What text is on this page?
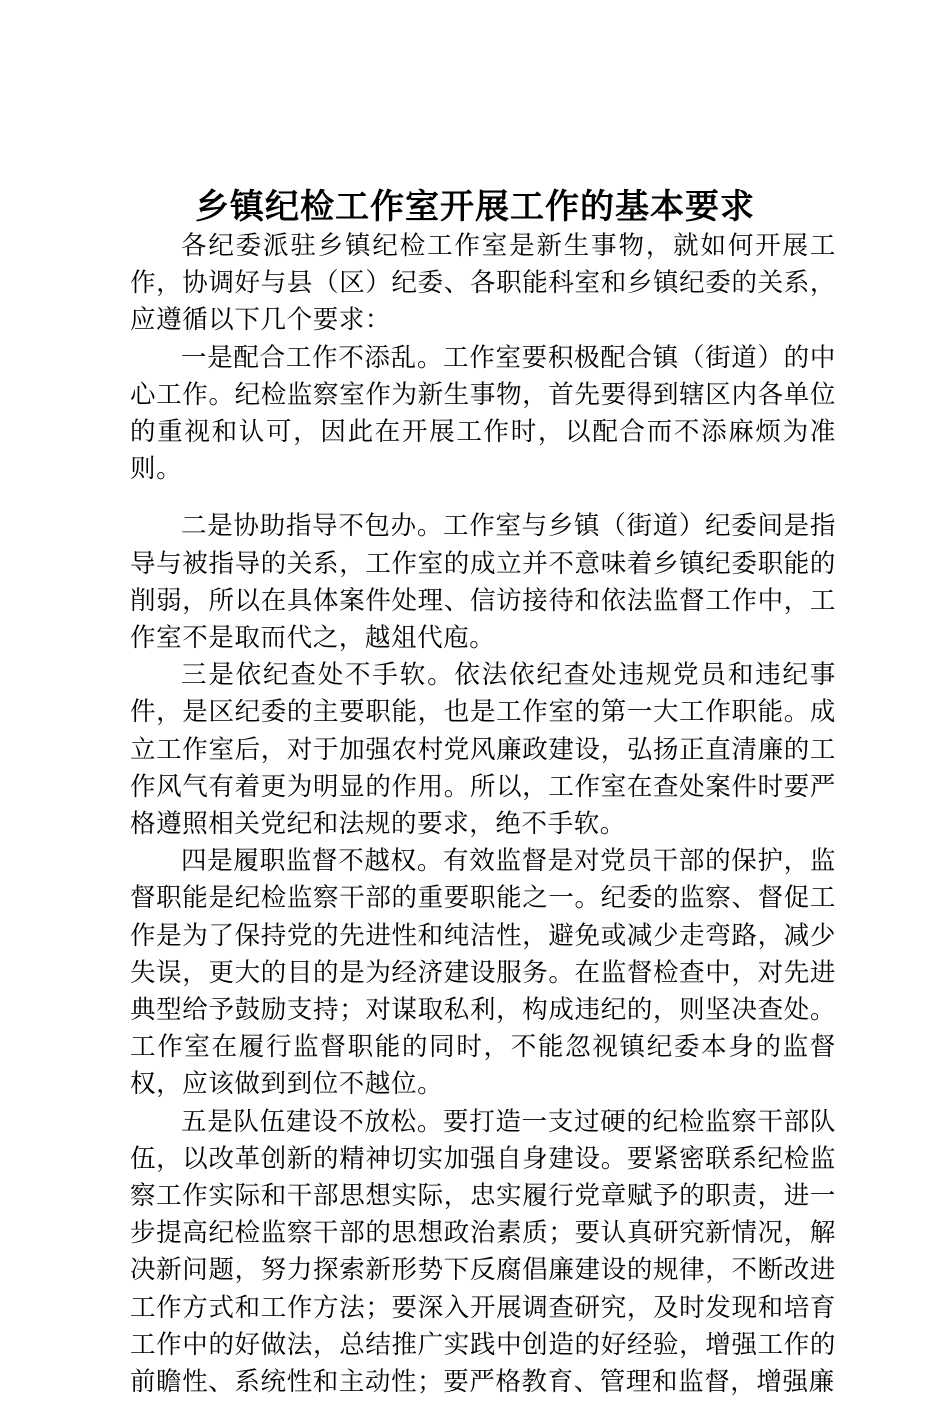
乡镇纪检工作室开展工作的基本要求

各纪委派驻乡镇纪检工作室是新生事物，就如何开展工作，协调好与县（区）纪委、各职能科室和乡镇纪委的关系，应遵循以下几个要求：

一是配合工作不添乱。工作室要积极配合镇（街道）的中心工作。纪检监察室作为新生事物，首先要得到辖区内各单位的重视和认可，因此在开展工作时，以配合而不添麻烦为准则。

二是协助指导不包办。工作室与乡镇（街道）纪委间是指导与被指导的关系，工作室的成立并不意味着乡镇纪委职能的削弱，所以在具体案件处理、信访接待和依法监督工作中，工作室不是取而代之，越俎代庖。

三是依纪查处不手软。依法依纪查处违规党员和违纪事件，是区纪委的主要职能，也是工作室的第一大工作职能。成立工作室后，对于加强农村党风廉政建设，弘扬正直清廉的工作风气有着更为明显的作用。所以，工作室在查处案件时要严格遵照相关党纪和法规的要求，绝不手软。

四是履职监督不越权。有效监督是对党员干部的保护，监督职能是纪检监察干部的重要职能之一。纪委的监察、督促工作是为了保持党的先进性和纯洁性，避免或减少走弯路，减少失误，更大的目的是为经济建设服务。在监督检查中，对先进典型给予鼓励支持；对谋取私利，构成违纪的，则坚决查处。工作室在履行监督职能的同时，不能忽视镇纪委本身的监督权，应该做到到位不越位。

五是队伍建设不放松。要打造一支过硬的纪检监察干部队伍，以改革创新的精神切实加强自身建设。要紧密联系纪检监察工作实际和干部思想实际，忠实履行党章赋予的职责，进一步提高纪检监察干部的思想政治素质；要认真研究新情况，解决新问题，努力探索新形势下反腐倡廉建设的规律，不断改进工作方式和工作方法；要深入开展调查研究，及时发现和培育工作中的好做法，总结推广实践中创造的好经验，增强工作的前瞻性、系统性和主动性；要严格教育、管理和监督，增强廉
